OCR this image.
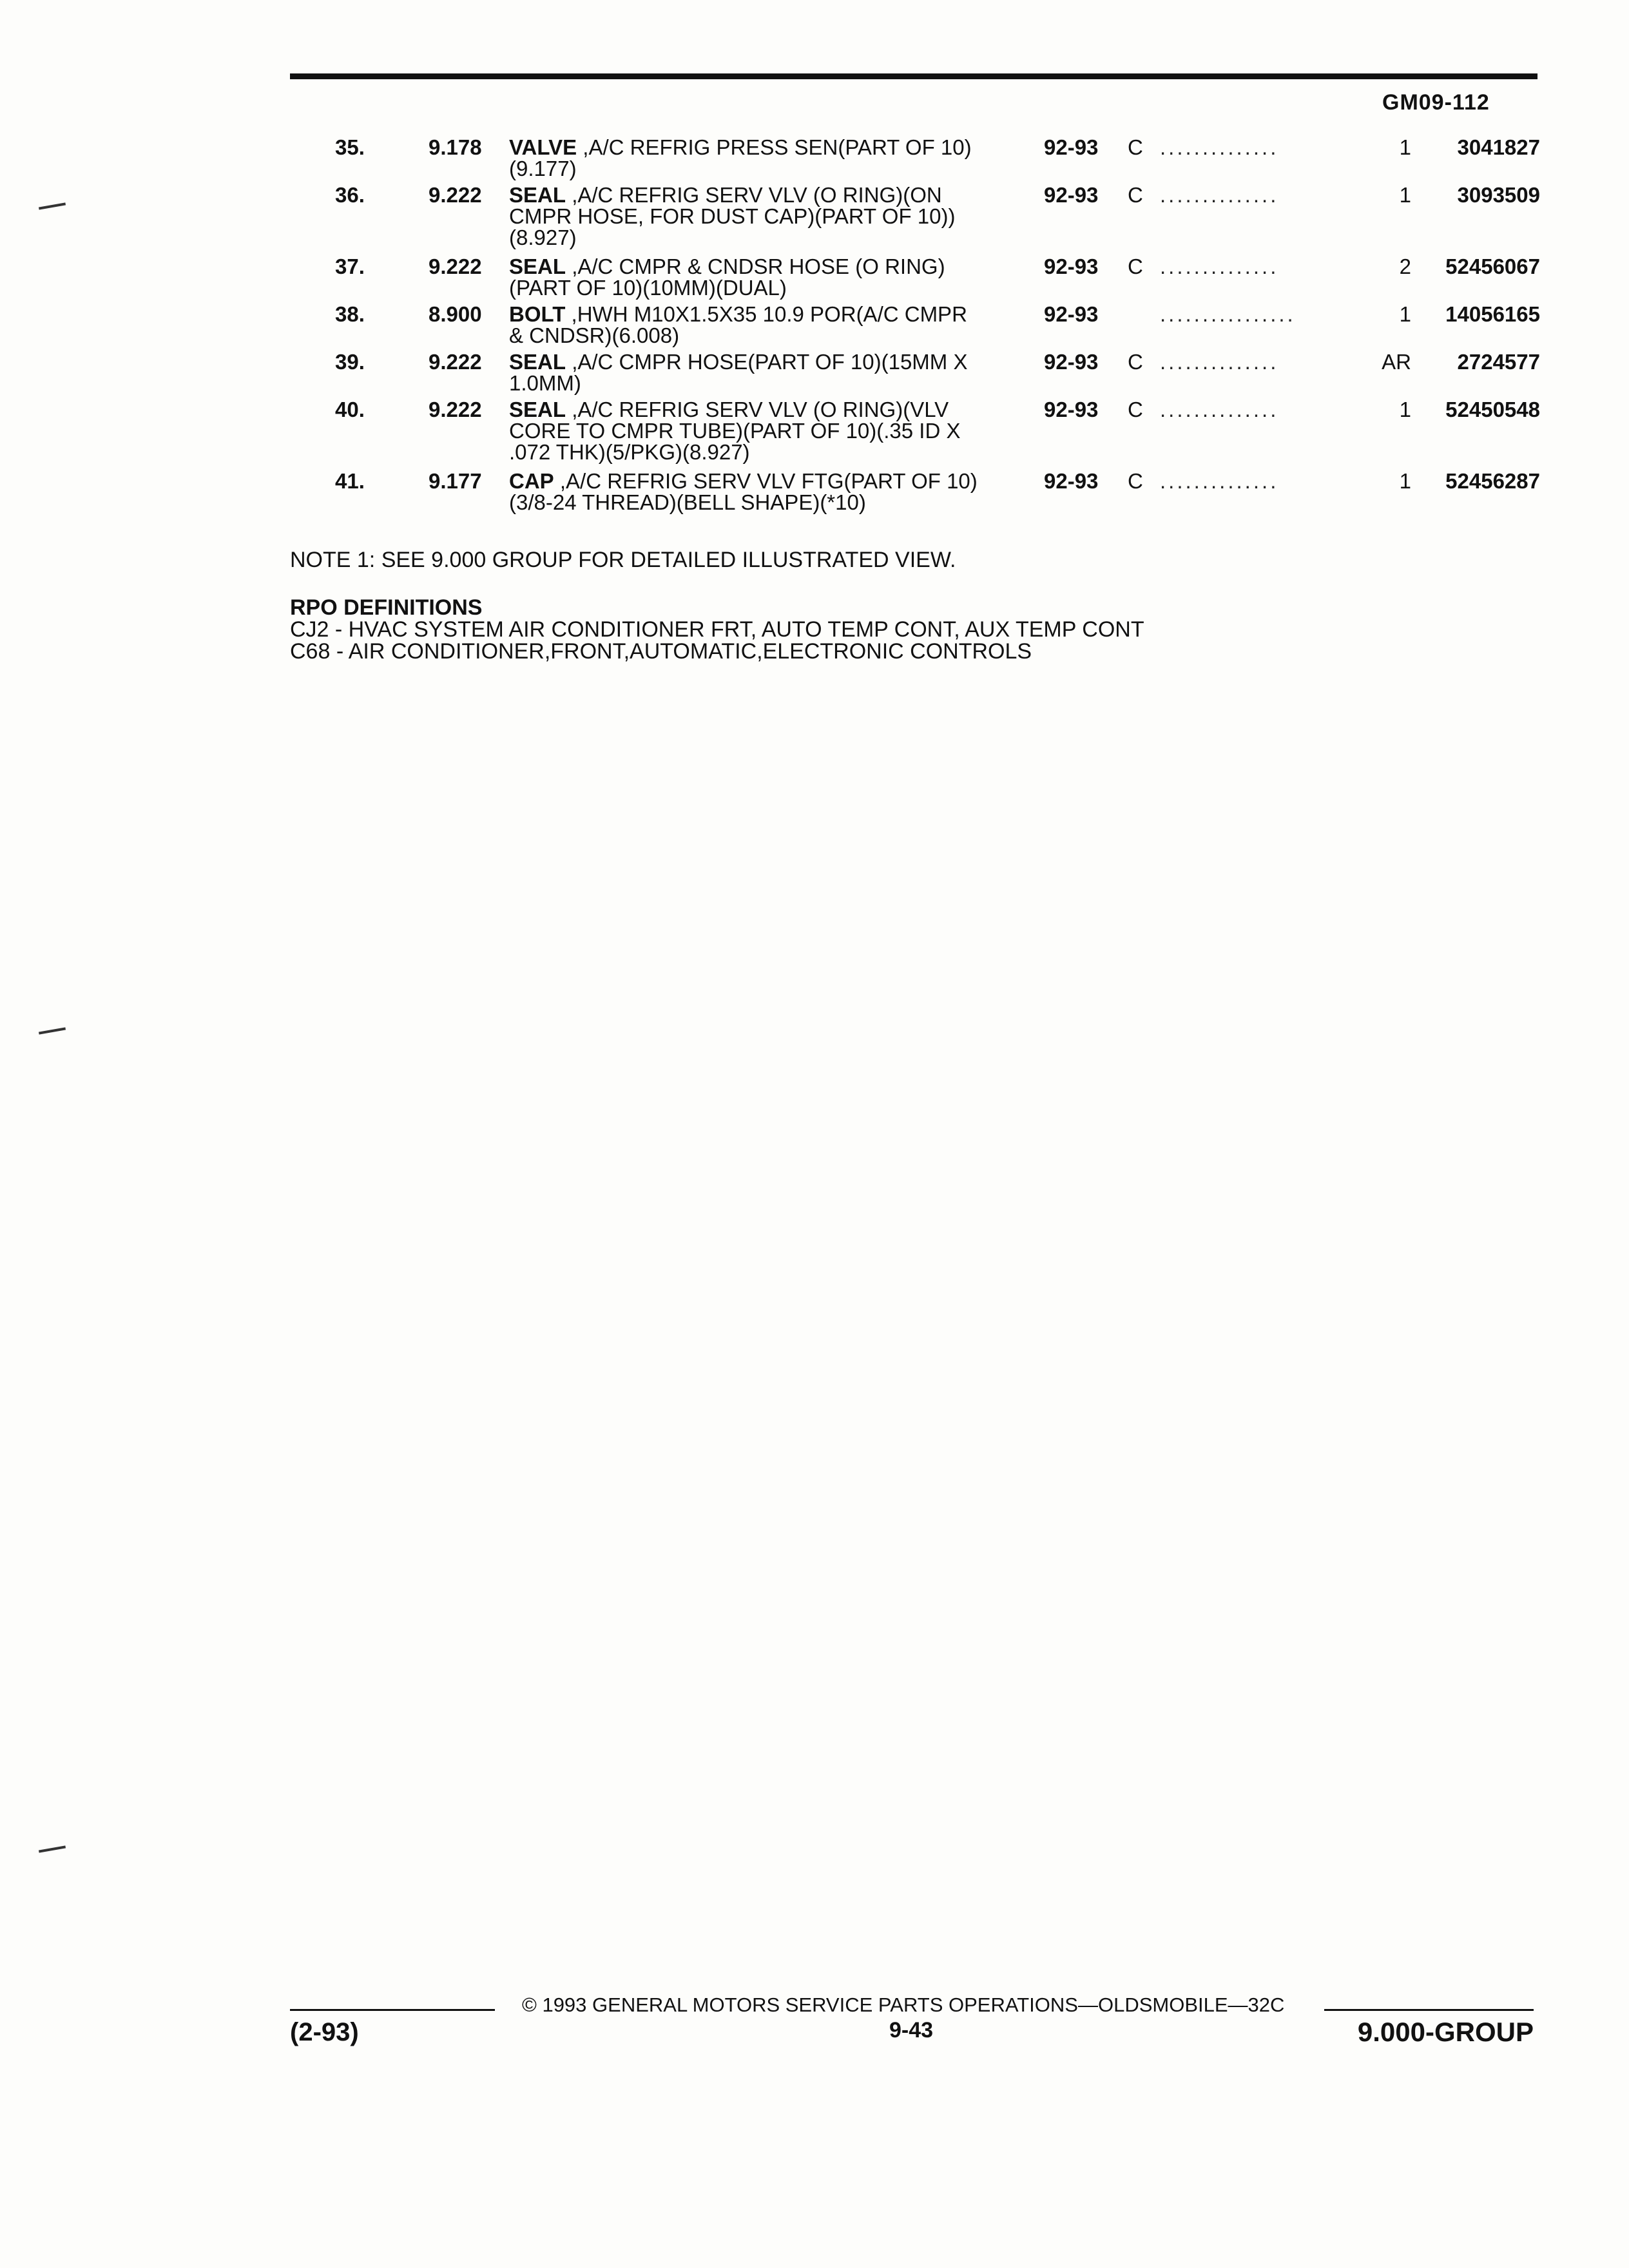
GM09-112
35.	9.178 VALVE ,A/C REFRIG PRESS SEN(PART OF 10)
(9.177)
92-93 C ..............	1 3041827
36.	9.222 SEAL ,A/C REFRIG SERV VLV (O RING)(ON
CMPR HOSE, FOR DUST CAP)(PART OF 10))
(8.927)
92-93 C ..............	1 3093509
37.	9.222 SEAL ,A/C CMPR & CNDSR HOSE (O RING)
(PART OF 10)(10MM)(DUAL)
92-93 C ..............	2 52456067
38.	8.900 BOLT ,HWH M10X1.5X35 10.9 POR(A/C CMPR
& CNDSR)(6.008)
92-93	................	1 14056165
39.	9.222 SEAL ,A/C CMPR HOSE(PART OF 10)(15MM X
1.0MM)
92-93 C ..............	AR 2724577
40.	9.222 SEAL ,A/C REFRIG SERV VLV (O RING)(VLV
CORE TO CMPR TUBE)(PART OF 10)(.35 ID X
.072 THK)(5/PKG)(8.927)
92-93 C ..............	1 52450548
41.	9.177 CAP ,A/C REFRIG SERV VLV FTG(PART OF 10)
(3/8-24 THREAD)(BELL SHAPE)(*10)
92-93 C ..............	1 52456287
NOTE 1: SEE 9.000 GROUP FOR DETAILED ILLUSTRATED VIEW.
RPO DEFINITIONS
CJ2 - HVAC SYSTEM AIR CONDITIONER FRT, AUTO TEMP CONT, AUX TEMP CONT
C68 - AIR CONDITIONER,FRONT,AUTOMATIC,ELECTRONIC CONTROLS
© 1993 GENERAL MOTORS SERVICE PARTS OPERATIONS—OLDSMOBILE—32C
(2-93)	9-43	9.000-GROUP
